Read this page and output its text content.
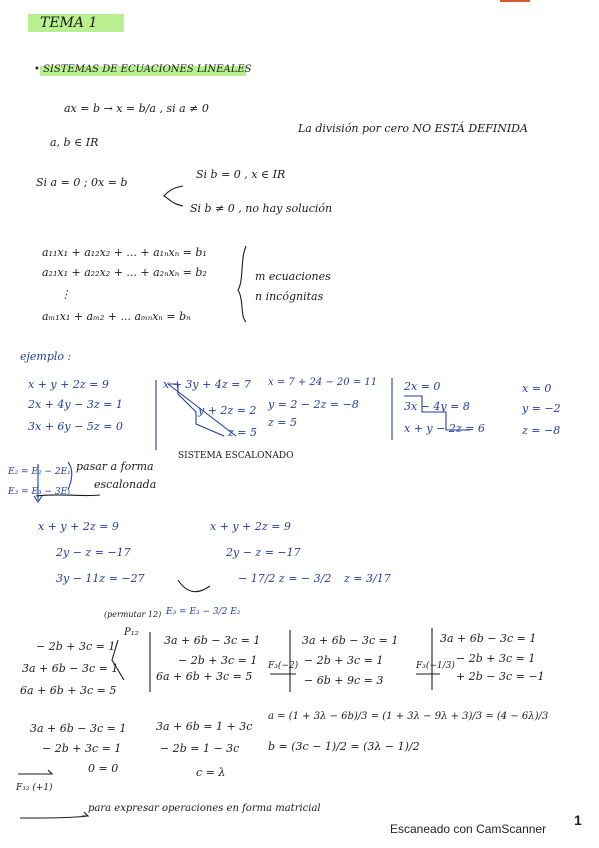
TEMA 1
• SISTEMAS DE ECUACIONES LINEALES
ax = b → x = b/a , si a ≠ 0
a, b ∈ IR
La división por cero NO ESTÁ DEFINIDA
Si a = 0 ; 0x = b
Si b = 0 , x ∈ IR
Si b ≠ 0 , no hay solución
a₁₁x₁ + a₁₂x₂ + ... + a₁ₙxₙ = b₁
a₂₁x₁ + a₂₂x₂ + ... + a₂ₙxₙ = b₂
⋮
aₘ₁x₁ + aₘ₂ + ... aₘₙxₙ = bₙ
m ecuaciones
n incógnitas
ejemplo :
x + y + 2z = 9
2x + 4y − 3z = 1
3x + 6y − 5z = 0
x + 3y + 4z = 7
y + 2z = 2
z = 5
SISTEMA ESCALONADO
x = 7 + 24 − 20 = 11
y = 2 − 2z = −8
z = 5
2x = 0
3x − 4y = 8
x + y − 2z = 6
x = 0
y = −2
z = −8
E₂ = E₂ − 2E₁
E₃ = E₃ − 3E₁
pasar a forma
escalonada
x + y + 2z = 9
2y − z = −17
3y − 11z = −27
x + y + 2z = 9
2y − z = −17
− 17/2 z = − 3/2 z = 3/17
E₃ = E₃ − 3/2 E₂
(permutar 12)
P₁₂
− 2b + 3c = 1
3a + 6b − 3c = 1
6a + 6b + 3c = 5
3a + 6b − 3c = 1
− 2b + 3c = 1
6a + 6b + 3c = 5
F₃(−2)
3a + 6b − 3c = 1
− 2b + 3c = 1
− 6b + 9c = 3
F₃(−1/3)
3a + 6b − 3c = 1
− 2b + 3c = 1
+ 2b − 3c = −1
3a + 6b − 3c = 1
− 2b + 3c = 1
0 = 0
3a + 6b = 1 + 3c
− 2b = 1 − 3c
c = λ
a = (1 + 3λ − 6b)/3 = (1 + 3λ − 9λ + 3)/3 = (4 − 6λ)/3
b = (3c − 1)/2 = (3λ − 1)/2
F₃₂ (+1)
para expresar operaciones en forma matricial
Escaneado con CamScanner
1
